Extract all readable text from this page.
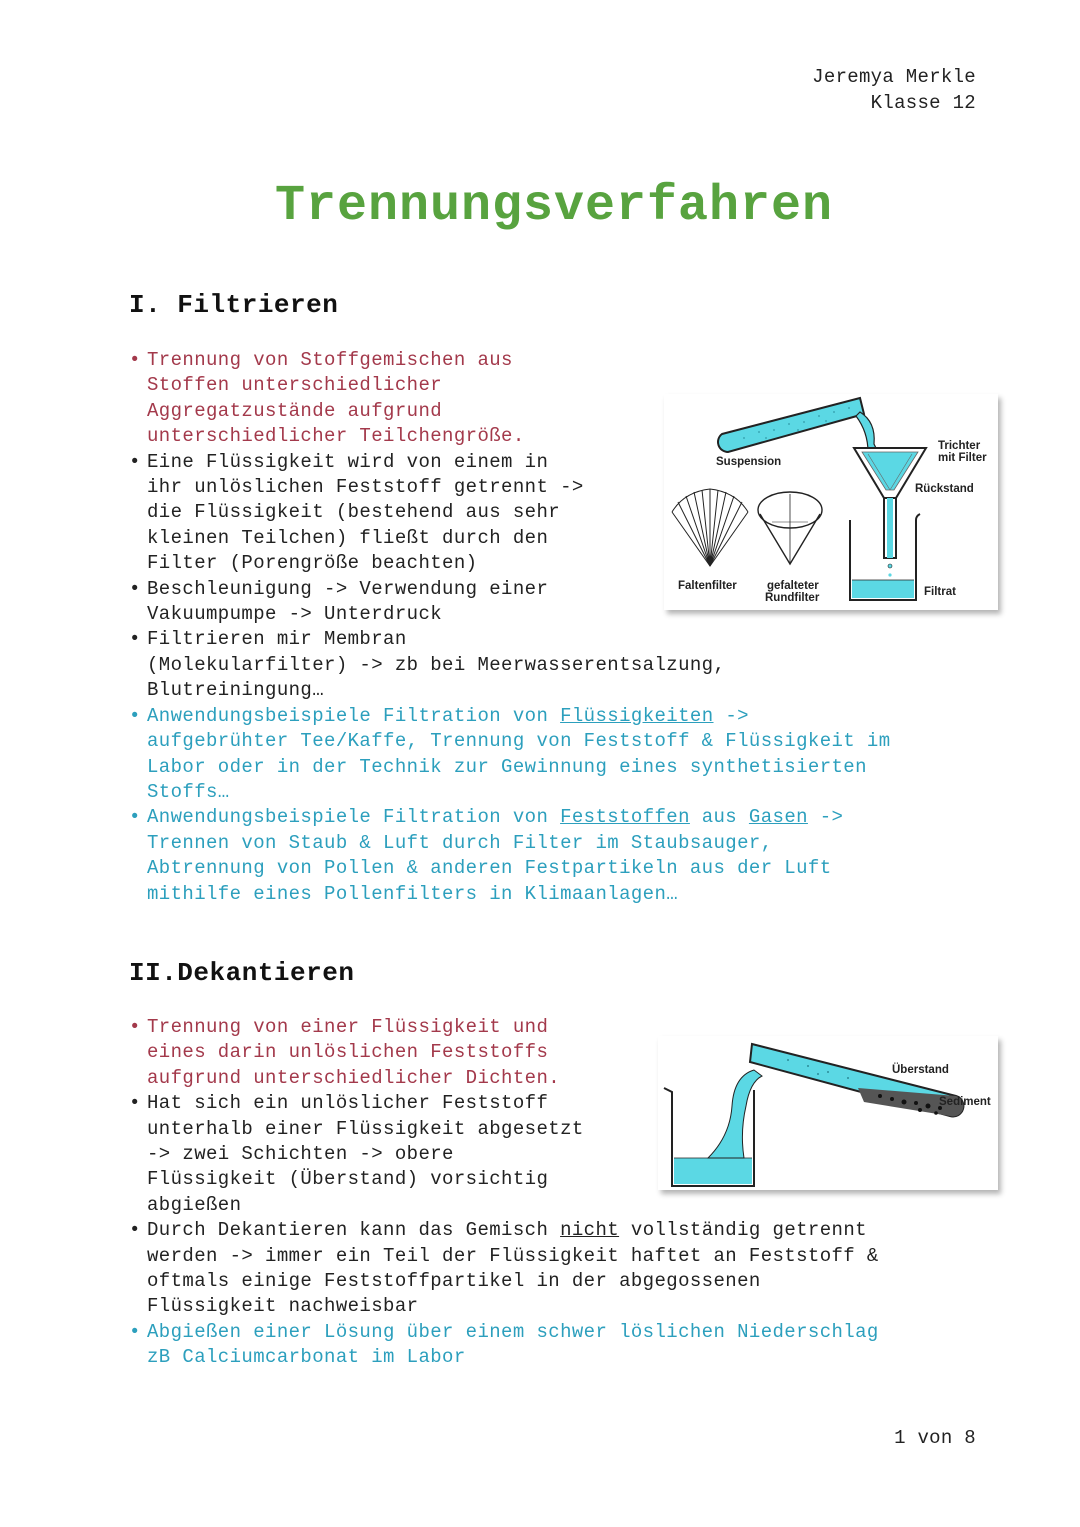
Jeremya Merkle
Klasse 12
Trennungsverfahren
I. Filtrieren
• Trennung von Stoffgemischen aus
Stoffen unterschiedlicher
Aggregatzustände aufgrund
unterschiedlicher Teilchengröße.
• Eine Flüssigkeit wird von einem in
ihr unlöslichen Feststoff getrennt ->
die Flüssigkeit (bestehend aus sehr
kleinen Teilchen) fließt durch den
Filter (Porengröße beachten)
• Beschleunigung -> Verwendung einer
Vakuumpumpe -> Unterdruck
• Filtrieren mir Membran
(Molekularfilter) -> zb bei Meerwasserentsalzung,
Blutreiningung…
• Anwendungsbeispiele Filtration von Flüssigkeiten ->
aufgebrühter Tee/Kaffe, Trennung von Feststoff & Flüssigkeit im
Labor oder in der Technik zur Gewinnung eines synthetisierten
Stoffs…
• Anwendungsbeispiele Filtration von Feststoffen aus Gasen ->
Trennen von Staub & Luft durch Filter im Staubsauger,
Abtrennung von Pollen & anderen Festpartikeln aus der Luft
mithilfe eines Pollenfilters in Klimaanlagen…
Suspension
Trichter
mit Filter
Rückstand
Faltenfilter	gefalteter
Rundfilter	Filtrat
II.Dekantieren
• Trennung von einer Flüssigkeit und
eines darin unlöslichen Feststoffs
aufgrund unterschiedlicher Dichten.
• Hat sich ein unlöslicher Feststoff
unterhalb einer Flüssigkeit abgesetzt
-> zwei Schichten -> obere
Flüssigkeit (Überstand) vorsichtig
abgießen
• Durch Dekantieren kann das Gemisch nicht vollständig getrennt
werden -> immer ein Teil der Flüssigkeit haftet an Feststoff &
oftmals einige Feststoffpartikel in der abgegossenen
Flüssigkeit nachweisbar
• Abgießen einer Lösung über einem schwer löslichen Niederschlag
zB Calciumcarbonat im Labor
Überstand
Sediment
1 von 8
